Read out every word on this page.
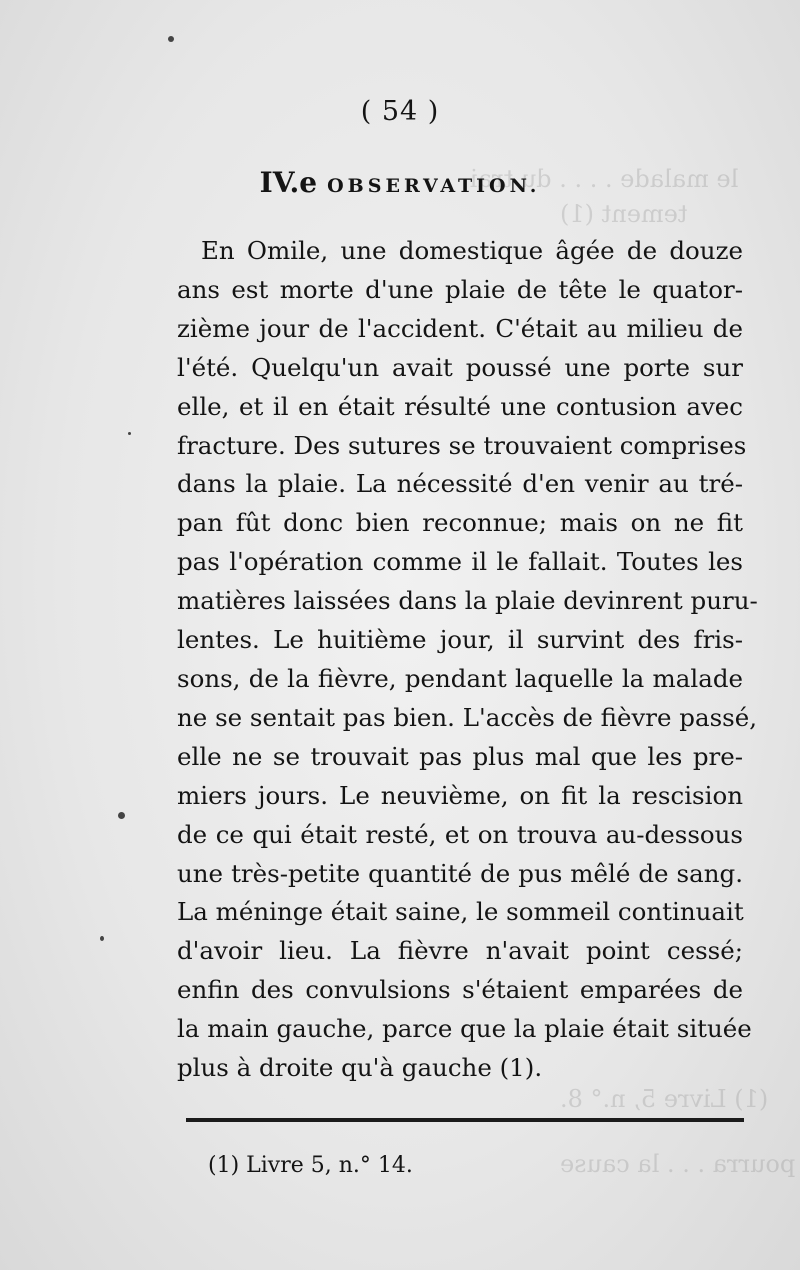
le malade . . . . du trai
tement (1)
(1) Livre 5, n.° 8.
pourra . . . la cause
( 54 )
IV.e OBSERVATION.
En Omile, une domestique âgée de douze
ans est morte d'une plaie de tête le quator-
zième jour de l'accident. C'était au milieu de
l'été. Quelqu'un avait poussé une porte sur
elle, et il en était résulté une contusion avec
fracture. Des sutures se trouvaient comprises
dans la plaie. La nécessité d'en venir au tré-
pan fût donc bien reconnue; mais on ne fit
pas l'opération comme il le fallait. Toutes les
matières laissées dans la plaie devinrent puru-
lentes. Le huitième jour, il survint des fris-
sons, de la fièvre, pendant laquelle la malade
ne se sentait pas bien. L'accès de fièvre passé,
elle ne se trouvait pas plus mal que les pre-
miers jours. Le neuvième, on fit la rescision
de ce qui était resté, et on trouva au-dessous
une très-petite quantité de pus mêlé de sang.
La méninge était saine, le sommeil continuait
d'avoir lieu. La fièvre n'avait point cessé;
enfin des convulsions s'étaient emparées de
la main gauche, parce que la plaie était située
plus à droite qu'à gauche (1).
(1) Livre 5, n.° 14.
